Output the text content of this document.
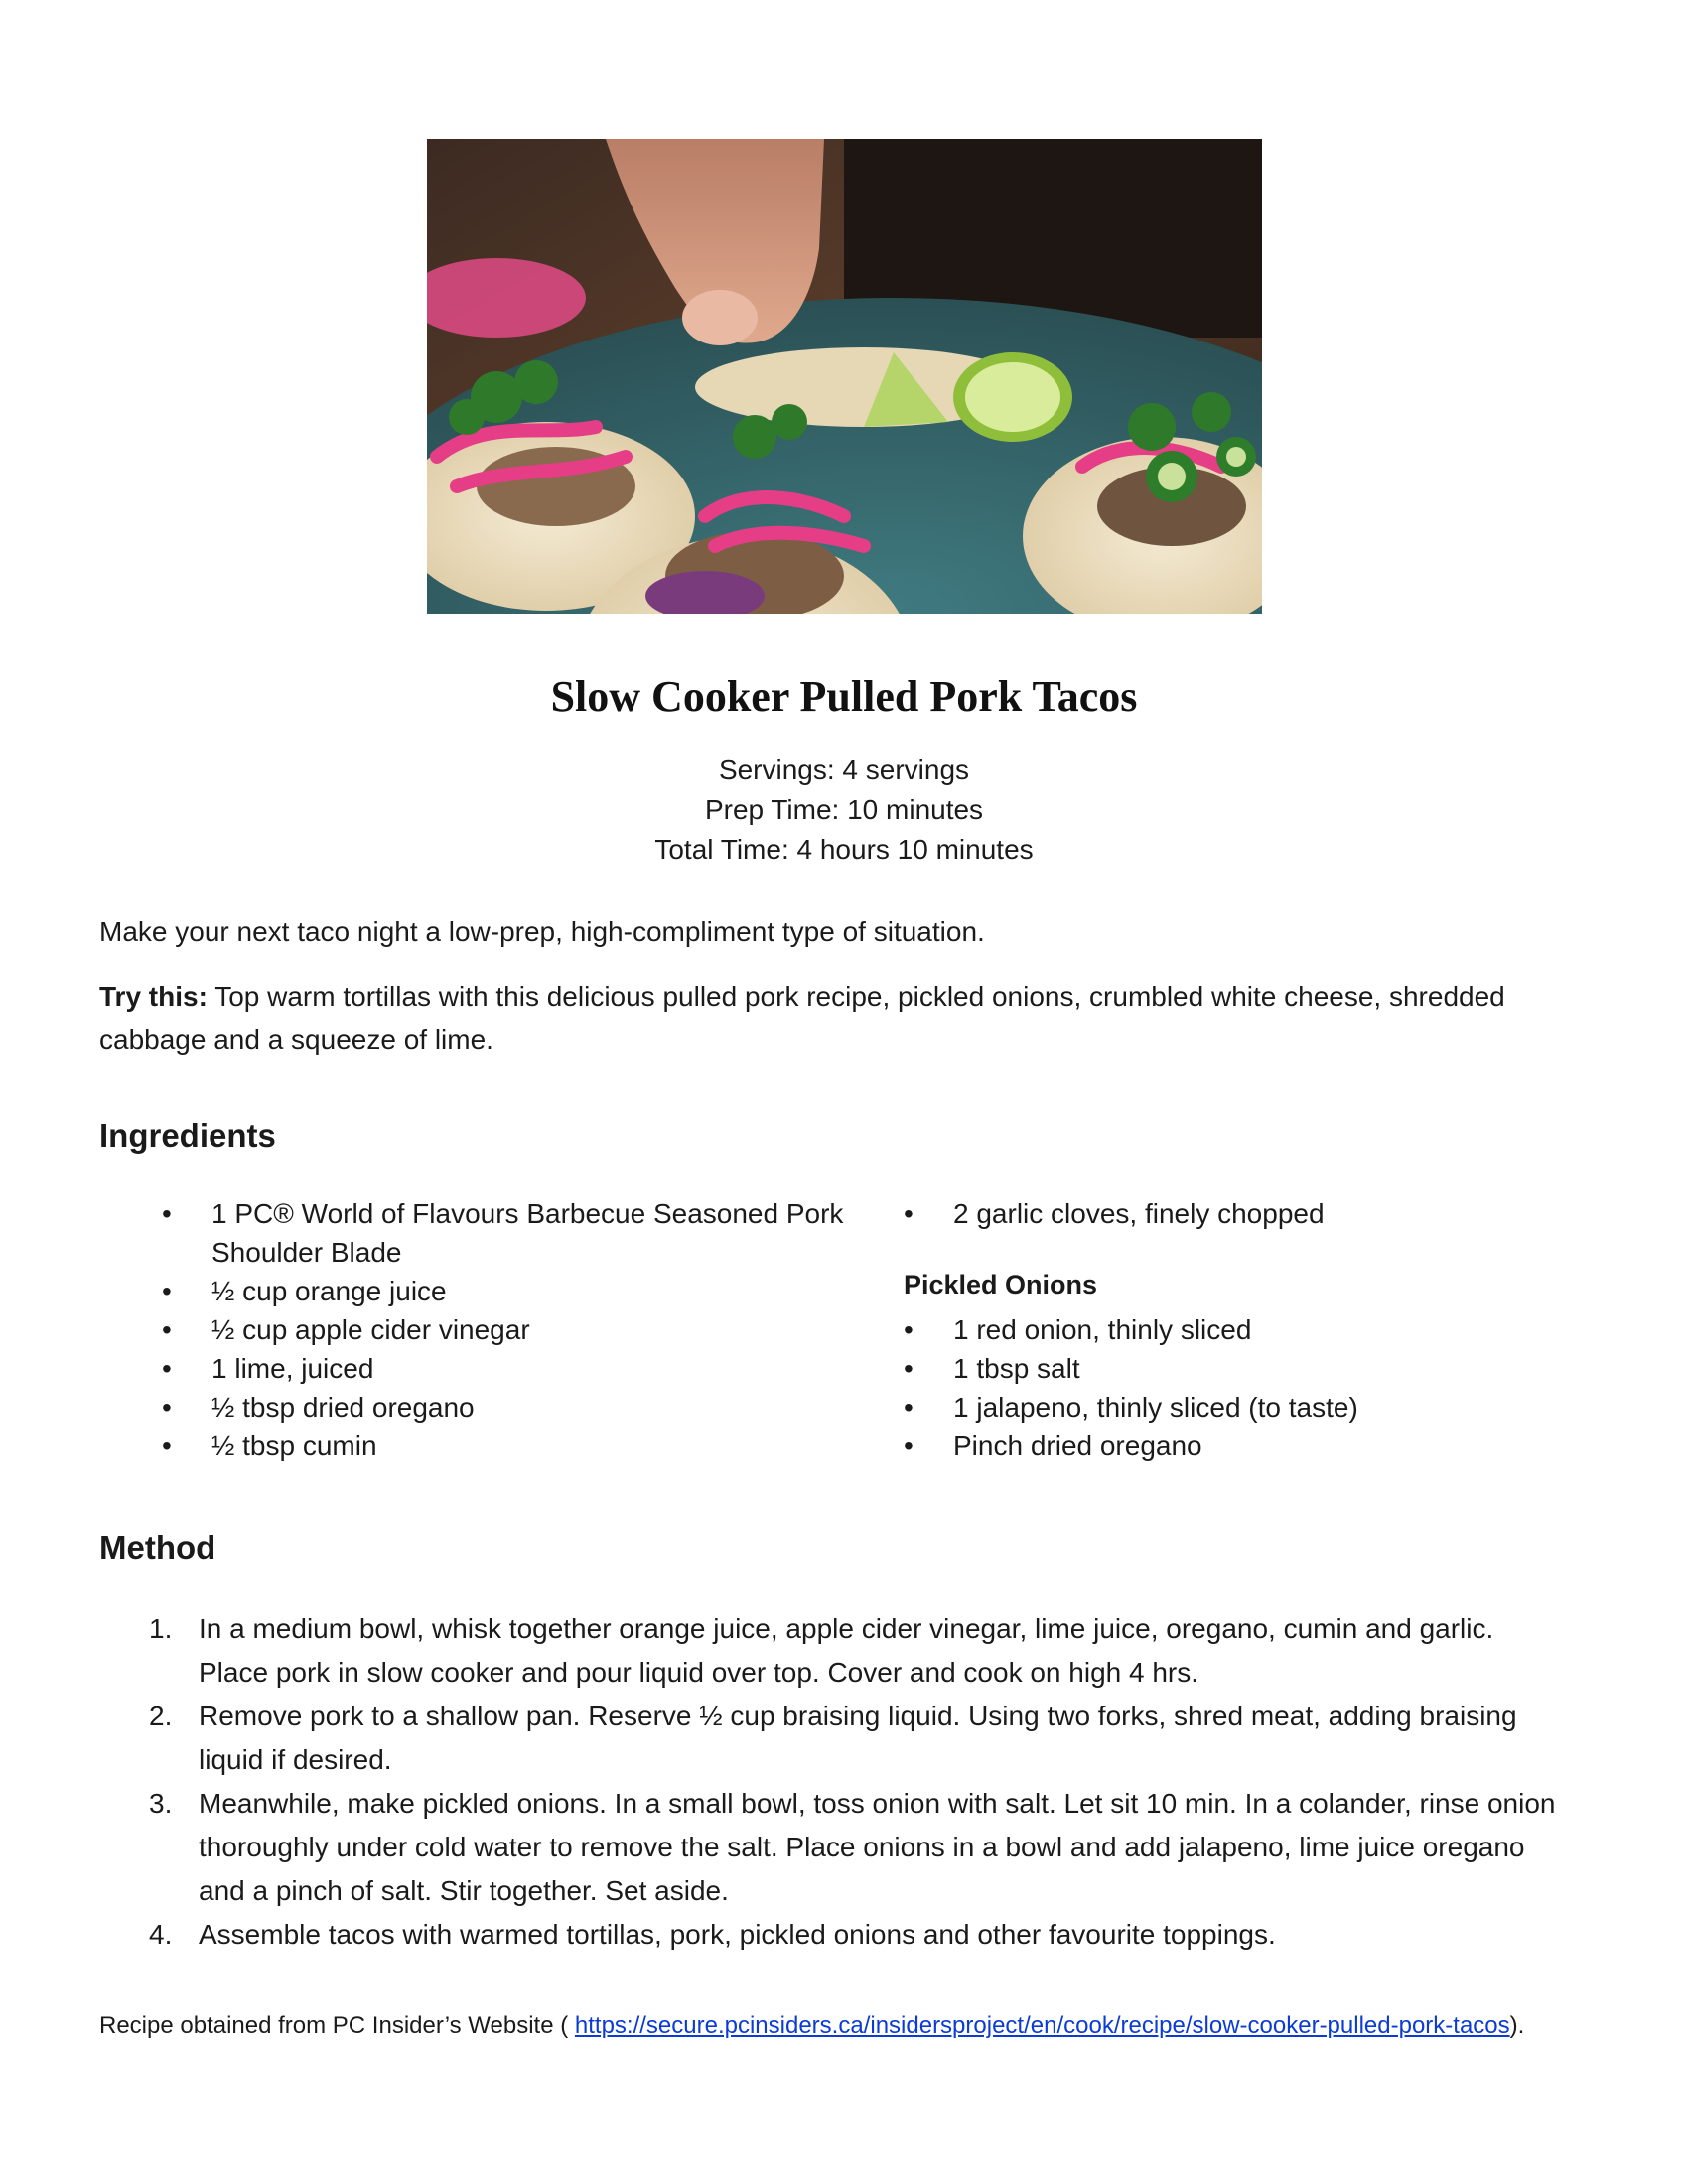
Slow Cooker Pulled Pork Tacos
Servings: 4 servings
Prep Time: 10 minutes
Total Time: 4 hours 10 minutes

Make your next taco night a low-prep, high-compliment type of situation.

Try this: Top warm tortillas with this delicious pulled pork recipe, pickled onions, crumbled white cheese, shredded cabbage and a squeeze of lime.

Ingredients
• 1 PC® World of Flavours Barbecue Seasoned Pork Shoulder Blade
• ½ cup orange juice
• ½ cup apple cider vinegar
• 1 lime, juiced
• ½ tbsp dried oregano
• ½ tbsp cumin
• 2 garlic cloves, finely chopped
Pickled Onions
• 1 red onion, thinly sliced
• 1 tbsp salt
• 1 jalapeno, thinly sliced (to taste)
• Pinch dried oregano
Method
1. In a medium bowl, whisk together orange juice, apple cider vinegar, lime juice, oregano, cumin and garlic. Place pork in slow cooker and pour liquid over top. Cover and cook on high 4 hrs.
2. Remove pork to a shallow pan. Reserve ½ cup braising liquid. Using two forks, shred meat, adding braising liquid if desired.
3. Meanwhile, make pickled onions. In a small bowl, toss onion with salt. Let sit 10 min. In a colander, rinse onion thoroughly under cold water to remove the salt. Place onions in a bowl and add jalapeno, lime juice oregano and a pinch of salt. Stir together. Set aside.
4. Assemble tacos with warmed tortillas, pork, pickled onions and other favourite toppings.

Recipe obtained from PC Insider’s Website ( https://secure.pcinsiders.ca/insidersproject/en/cook/recipe/slow-cooker-pulled-pork-tacos).
